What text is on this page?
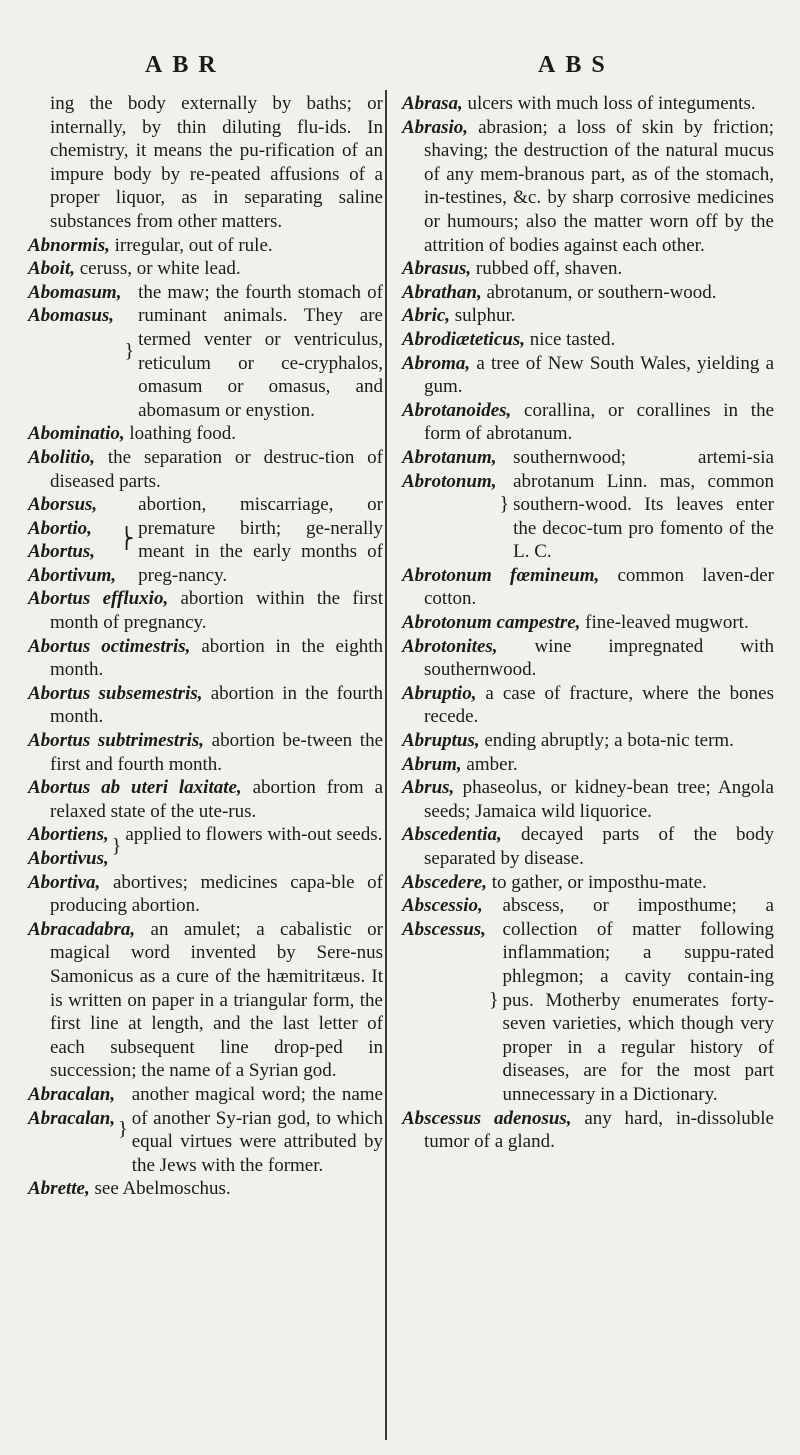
ABR	ABS

ing the body externally by baths; or internally, by thin diluting flu-ids. In chemistry, it means the pu-rification of an impure body by re-peated affusions of a proper liquor, as in separating saline substances from other matters.

Abnormis, irregular, out of rule.

Aboit, ceruss, or white lead.

Abomasum,
Abomasus,
}
the maw; the fourth stomach of ruminant animals. They are termed venter or ventriculus, reticulum or ce-cryphalos, omasum or omasus, and abomasum or enystion.

Abominatio, loathing food.

Abolitio, the separation or destruc-tion of diseased parts.

Aborsus,
Abortio,
Abortus,
Abortivum,
⎬
abortion, miscarriage, or premature birth; ge-nerally meant in the early months of preg-nancy.

Abortus effluxio, abortion within the first month of pregnancy.

Abortus octimestris, abortion in the eighth month.

Abortus subsemestris, abortion in the fourth month.

Abortus subtrimestris, abortion be-tween the first and fourth month.

Abortus ab uteri laxitate, abortion from a relaxed state of the ute-rus.

Abortiens,
Abortivus,
}
applied to flowers with-out seeds.

Abortiva, abortives; medicines capa-ble of producing abortion.

Abracadabra, an amulet; a cabalistic or magical word invented by Sere-nus Samonicus as a cure of the hæmitritæus. It is written on paper in a triangular form, the first line at length, and the last letter of each subsequent line drop-ped in succession; the name of a Syrian god.

Abracalan,
Abracalan,
}
another magical word; the name of another Sy-rian god, to which equal virtues were attributed by the Jews with the former.

Abrette, see Abelmoschus.

Abrasa, ulcers with much loss of integuments.

Abrasio, abrasion; a loss of skin by friction; shaving; the destruction of the natural mucus of any mem-branous part, as of the stomach, in-testines, &c. by sharp corrosive medicines or humours; also the matter worn off by the attrition of bodies against each other.

Abrasus, rubbed off, shaven.

Abrathan, abrotanum, or southern-wood.

Abric, sulphur.

Abrodiæteticus, nice tasted.

Abroma, a tree of New South Wales, yielding a gum.

Abrotanoides, corallina, or corallines in the form of abrotanum.

Abrotanum,
Abrotonum,
}
southernwood; artemi-sia abrotanum Linn. mas, common southern-wood. Its leaves enter the decoc-tum pro fomento of the L. C.

Abrotonum fœmineum, common laven-der cotton.

Abrotonum campestre, fine-leaved mugwort.

Abrotonites, wine impregnated with southernwood.

Abruptio, a case of fracture, where the bones recede.

Abruptus, ending abruptly; a bota-nic term.

Abrum, amber.

Abrus, phaseolus, or kidney-bean tree; Angola seeds; Jamaica wild liquorice.

Abscedentia, decayed parts of the body separated by disease.

Abscedere, to gather, or imposthu-mate.

Abscessio,
Abscessus,
}
abscess, or imposthume; a collection of matter following inflammation; a suppu-rated phlegmon; a cavity contain-ing pus. Motherby enumerates forty-seven varieties, which though very proper in a regular history of diseases, are for the most part unnecessary in a Dictionary.

Abscessus adenosus, any hard, in-dissoluble tumor of a gland.
